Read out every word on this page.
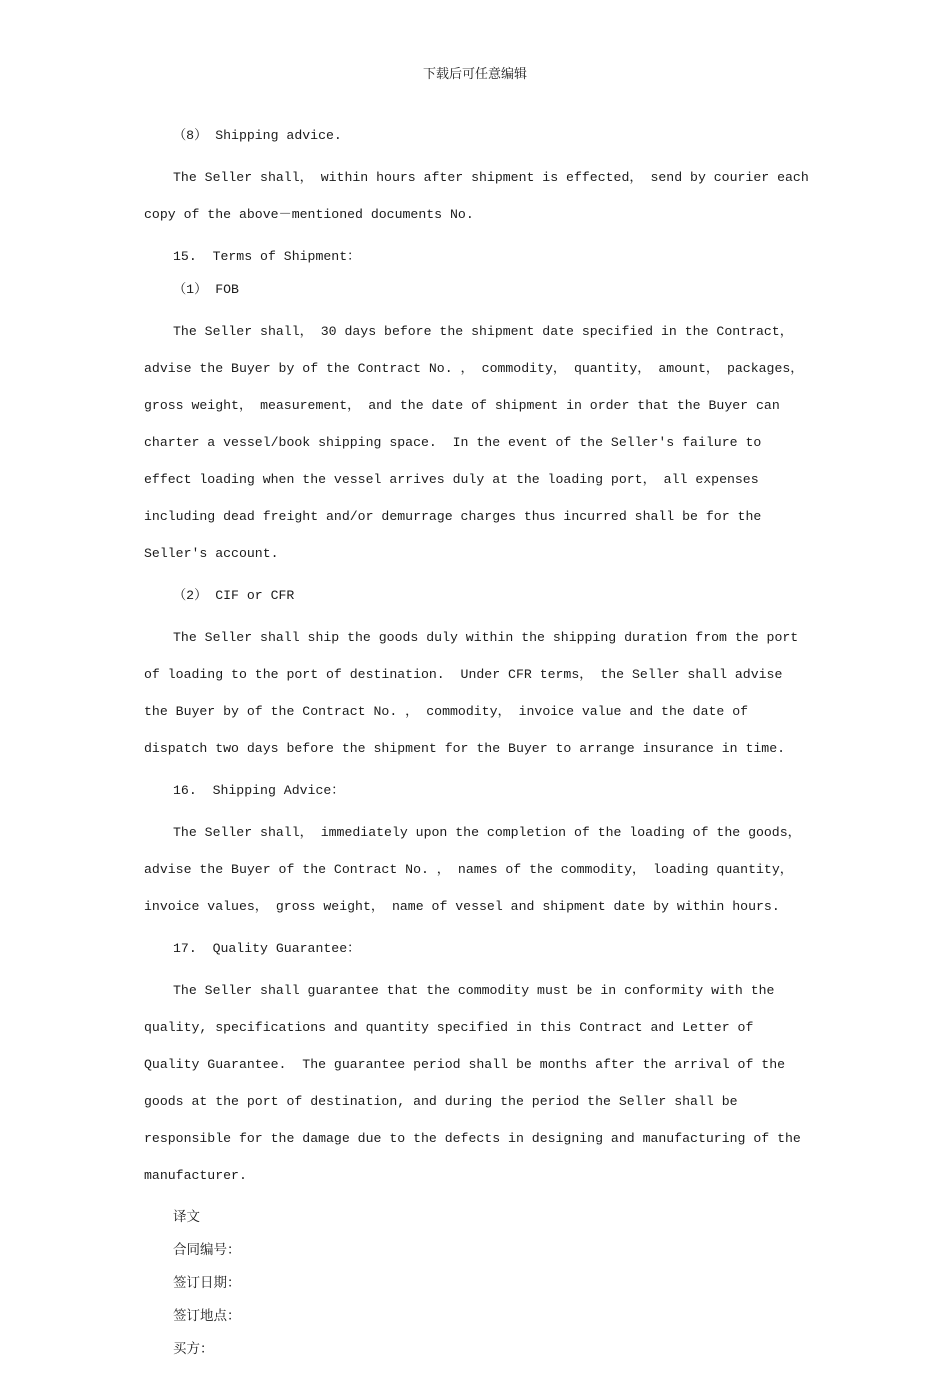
下载后可任意编辑

（8） Shipping advice.

The Seller shall， within hours after shipment is effected， send by courier each copy of the above－mentioned documents No.

15.  Terms of Shipment：

（1） FOB

The Seller shall， 30 days before the shipment date specified in the Contract， advise the Buyer by of the Contract No. ， commodity， quantity， amount， packages， gross weight， measurement， and the date of shipment in order that the Buyer can charter a vessel/book shipping space.  In the event of the Seller's failure to effect loading when the vessel arrives duly at the loading port， all expenses including dead freight and/or demurrage charges thus incurred shall be for the Seller's account.

（2） CIF or CFR

The Seller shall ship the goods duly within the shipping duration from the port of loading to the port of destination.  Under CFR terms， the Seller shall advise the Buyer by of the Contract No. ， commodity， invoice value and the date of dispatch two days before the shipment for the Buyer to arrange insurance in time.

16.  Shipping Advice：

The Seller shall， immediately upon the completion of the loading of the goods， advise the Buyer of the Contract No. ， names of the commodity， loading quantity， invoice values， gross weight， name of vessel and shipment date by within hours.

17.  Quality Guarantee：

The Seller shall guarantee that the commodity must be in conformity with the quality, specifications and quantity specified in this Contract and Letter of Quality Guarantee.  The guarantee period shall be months after the arrival of the goods at the port of destination, and during the period the Seller shall be responsible for the damage due to the defects in designing and manufacturing of the manufacturer.

译文

合同编号：

签订日期：

签订地点：

买方：
